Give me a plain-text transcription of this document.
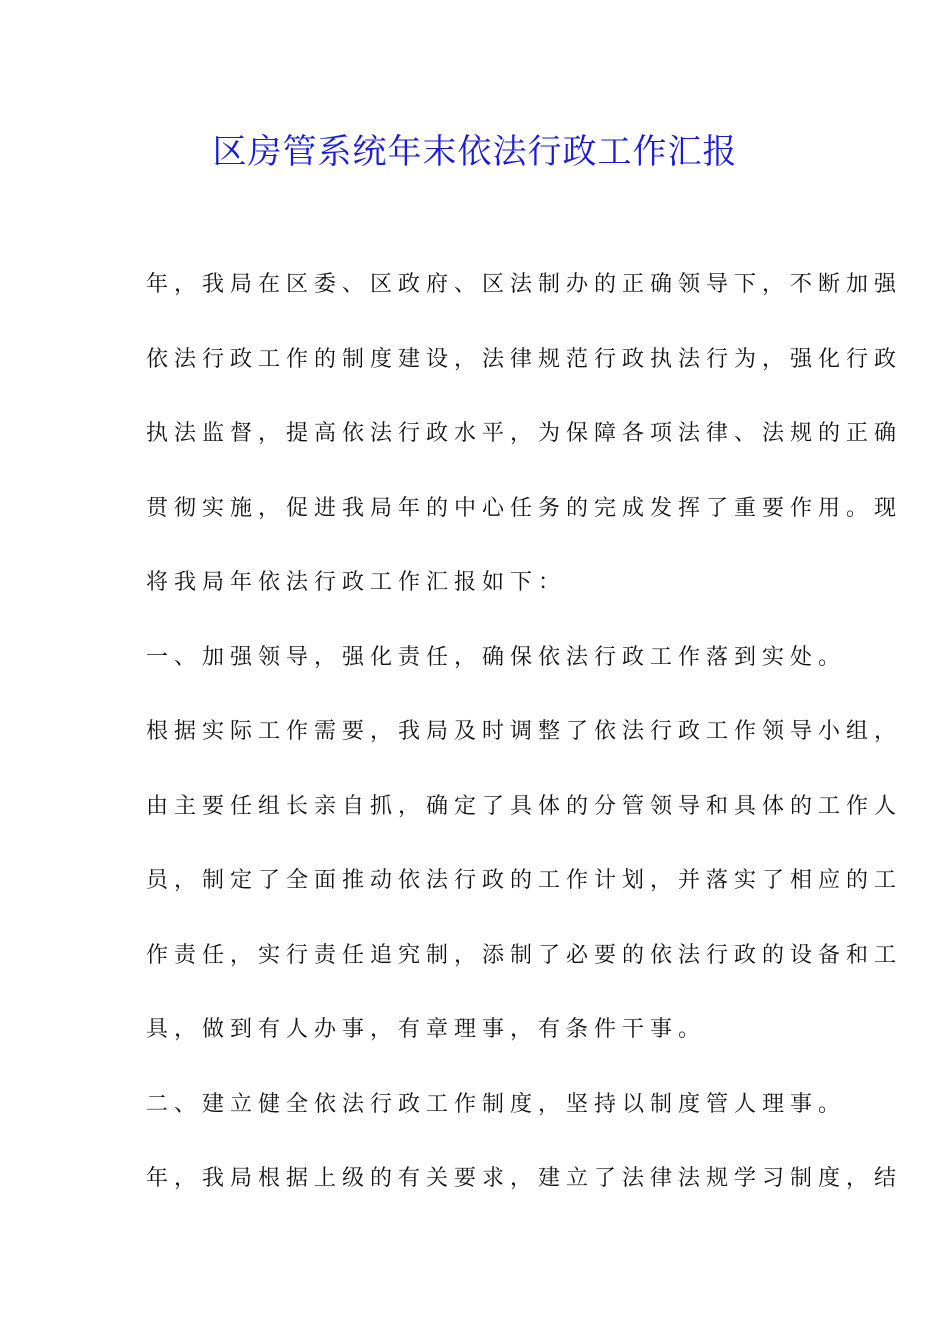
区房管系统年末依法行政工作汇报
年，我局在区委、区政府、区法制办的正确领导下，不断加强
依法行政工作的制度建设，法律规范行政执法行为，强化行政
执法监督，提高依法行政水平，为保障各项法律、法规的正确
贯彻实施，促进我局年的中心任务的完成发挥了重要作用。现
将我局年依法行政工作汇报如下：
一、加强领导，强化责任，确保依法行政工作落到实处。
根据实际工作需要，我局及时调整了依法行政工作领导小组，
由主要任组长亲自抓，确定了具体的分管领导和具体的工作人
员，制定了全面推动依法行政的工作计划，并落实了相应的工
作责任，实行责任追究制，添制了必要的依法行政的设备和工
具，做到有人办事，有章理事，有条件干事。
二、建立健全依法行政工作制度，坚持以制度管人理事。
年，我局根据上级的有关要求，建立了法律法规学习制度，结
